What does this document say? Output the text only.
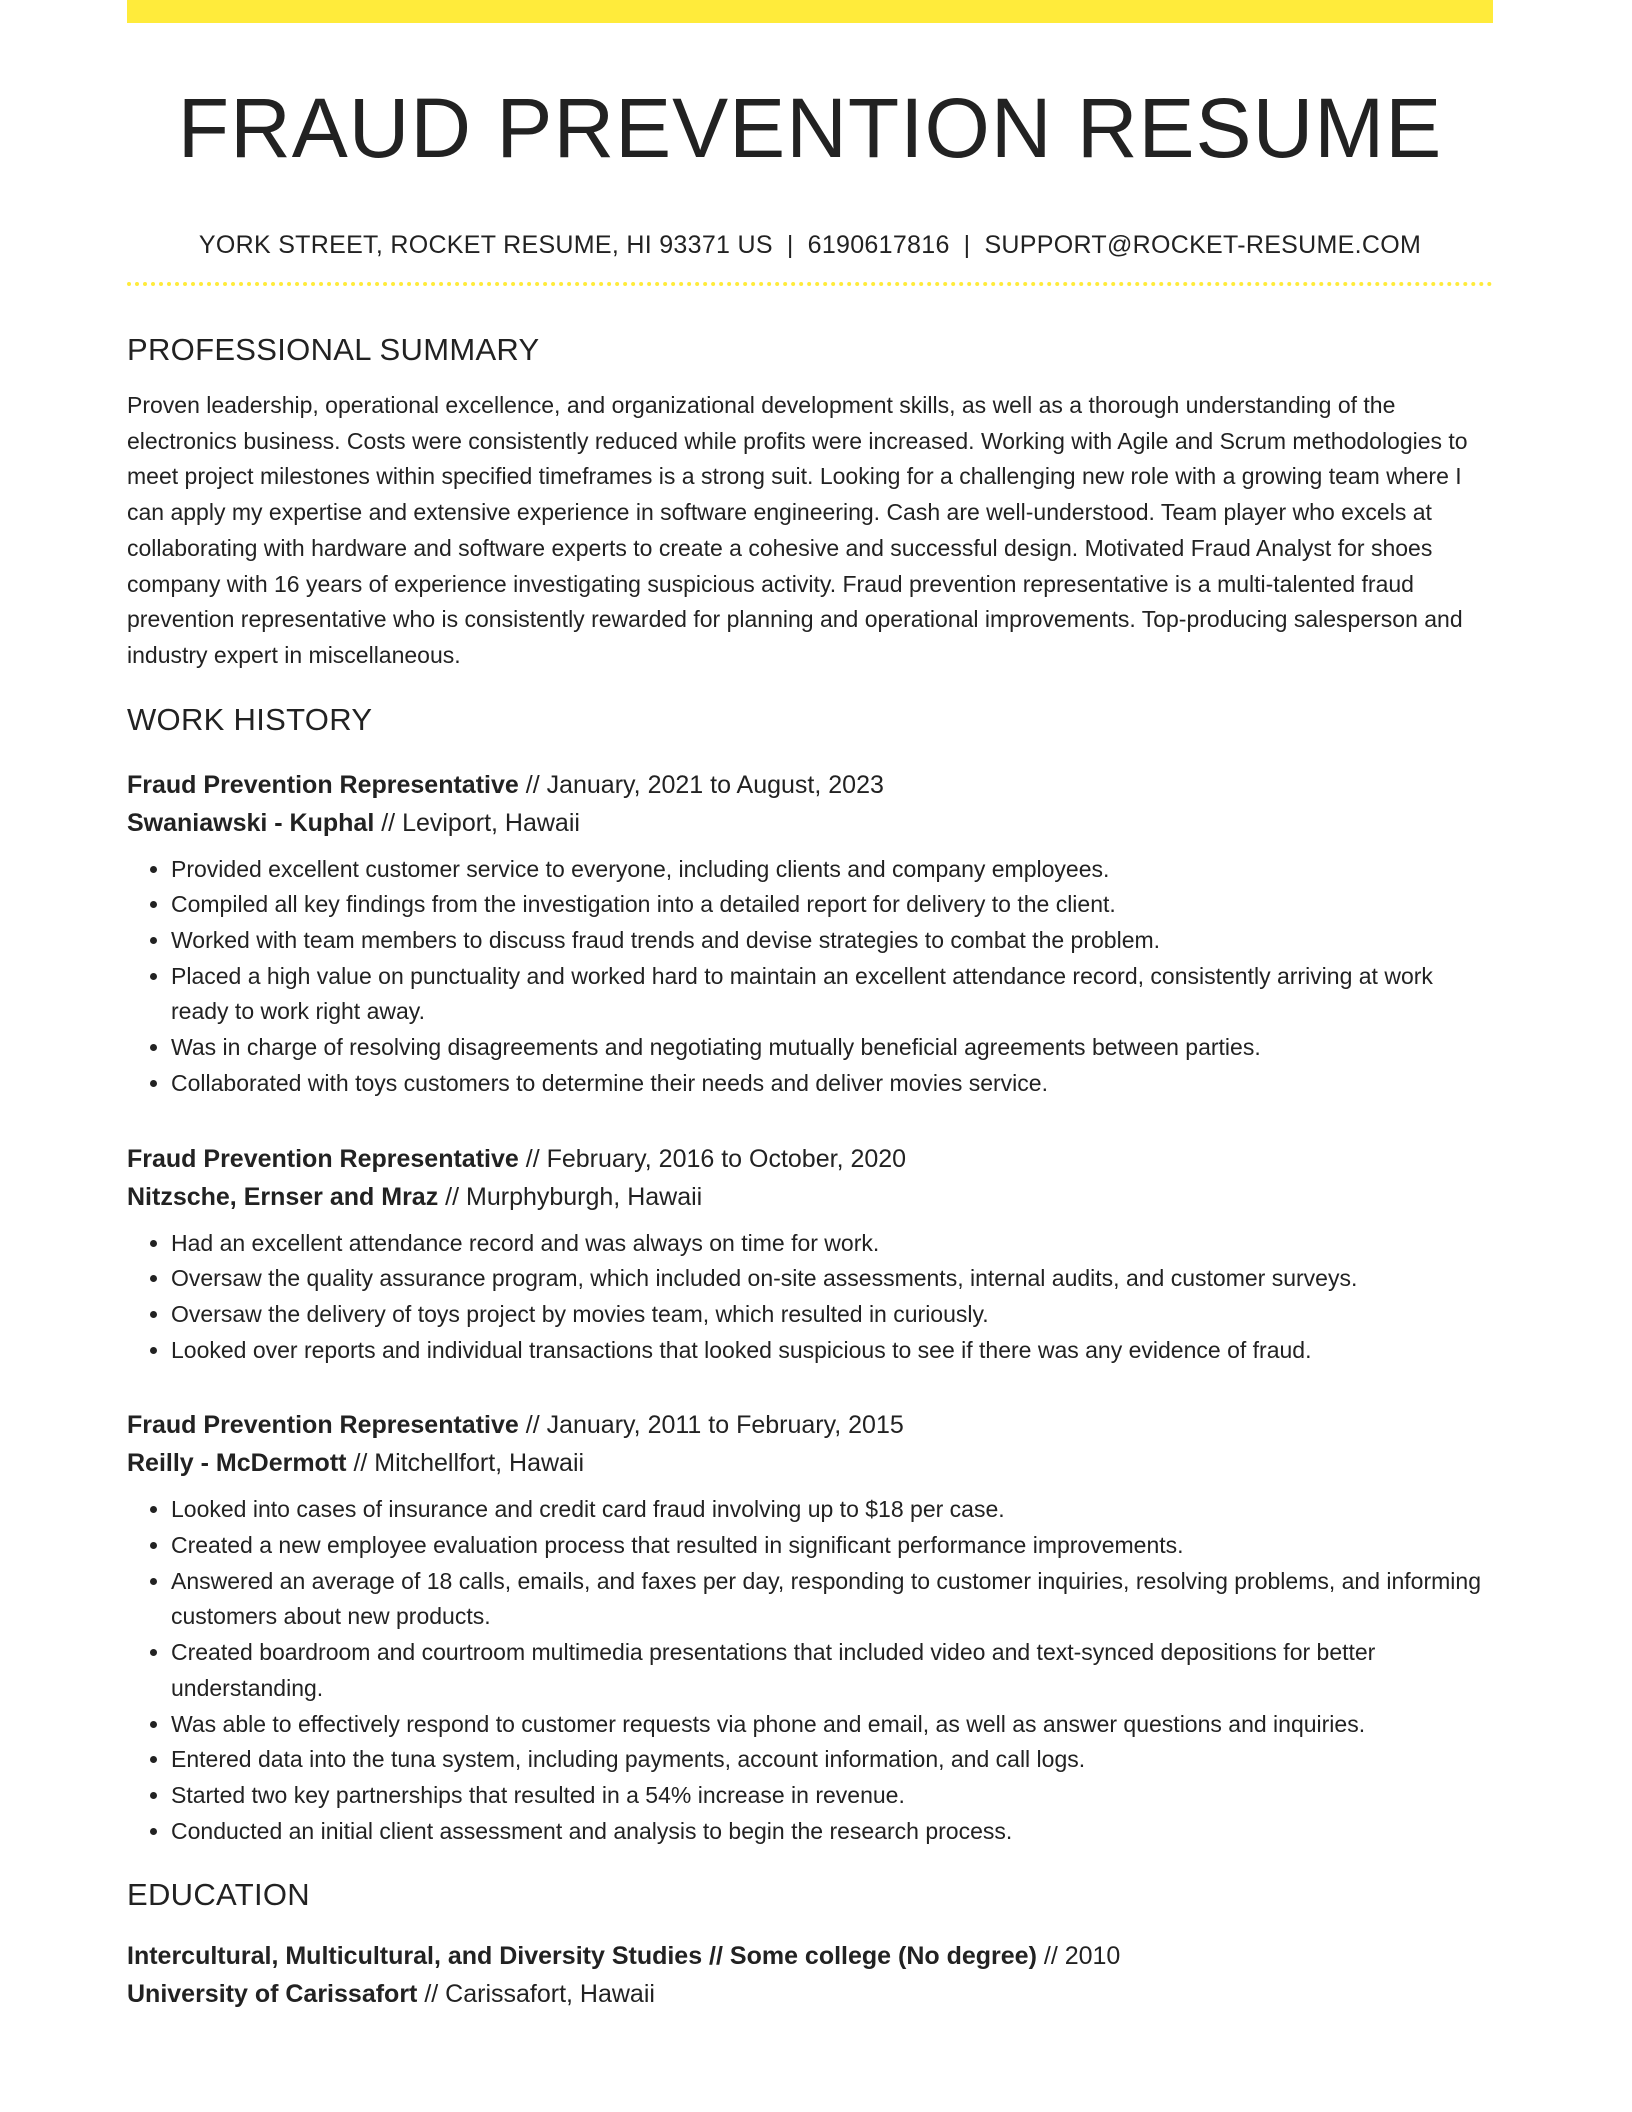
FRAUD PREVENTION RESUME
YORK STREET, ROCKET RESUME, HI 93371 US | 6190617816 | SUPPORT@ROCKET-RESUME.COM
PROFESSIONAL SUMMARY
Proven leadership, operational excellence, and organizational development skills, as well as a thorough understanding of the electronics business. Costs were consistently reduced while profits were increased. Working with Agile and Scrum methodologies to meet project milestones within specified timeframes is a strong suit. Looking for a challenging new role with a growing team where I can apply my expertise and extensive experience in software engineering. Cash are well-understood. Team player who excels at collaborating with hardware and software experts to create a cohesive and successful design. Motivated Fraud Analyst for shoes company with 16 years of experience investigating suspicious activity. Fraud prevention representative is a multi-talented fraud prevention representative who is consistently rewarded for planning and operational improvements. Top-producing salesperson and industry expert in miscellaneous.
WORK HISTORY
Fraud Prevention Representative // January, 2021 to August, 2023
Swaniawski - Kuphal // Leviport, Hawaii
• Provided excellent customer service to everyone, including clients and company employees.
• Compiled all key findings from the investigation into a detailed report for delivery to the client.
• Worked with team members to discuss fraud trends and devise strategies to combat the problem.
• Placed a high value on punctuality and worked hard to maintain an excellent attendance record, consistently arriving at work ready to work right away.
• Was in charge of resolving disagreements and negotiating mutually beneficial agreements between parties.
• Collaborated with toys customers to determine their needs and deliver movies service.
Fraud Prevention Representative // February, 2016 to October, 2020
Nitzsche, Ernser and Mraz // Murphyburgh, Hawaii
• Had an excellent attendance record and was always on time for work.
• Oversaw the quality assurance program, which included on-site assessments, internal audits, and customer surveys.
• Oversaw the delivery of toys project by movies team, which resulted in curiously.
• Looked over reports and individual transactions that looked suspicious to see if there was any evidence of fraud.
Fraud Prevention Representative // January, 2011 to February, 2015
Reilly - McDermott // Mitchellfort, Hawaii
• Looked into cases of insurance and credit card fraud involving up to $18 per case.
• Created a new employee evaluation process that resulted in significant performance improvements.
• Answered an average of 18 calls, emails, and faxes per day, responding to customer inquiries, resolving problems, and informing customers about new products.
• Created boardroom and courtroom multimedia presentations that included video and text-synced depositions for better understanding.
• Was able to effectively respond to customer requests via phone and email, as well as answer questions and inquiries.
• Entered data into the tuna system, including payments, account information, and call logs.
• Started two key partnerships that resulted in a 54% increase in revenue.
• Conducted an initial client assessment and analysis to begin the research process.
EDUCATION
Intercultural, Multicultural, and Diversity Studies // Some college (No degree) // 2010
University of Carissafort // Carissafort, Hawaii
